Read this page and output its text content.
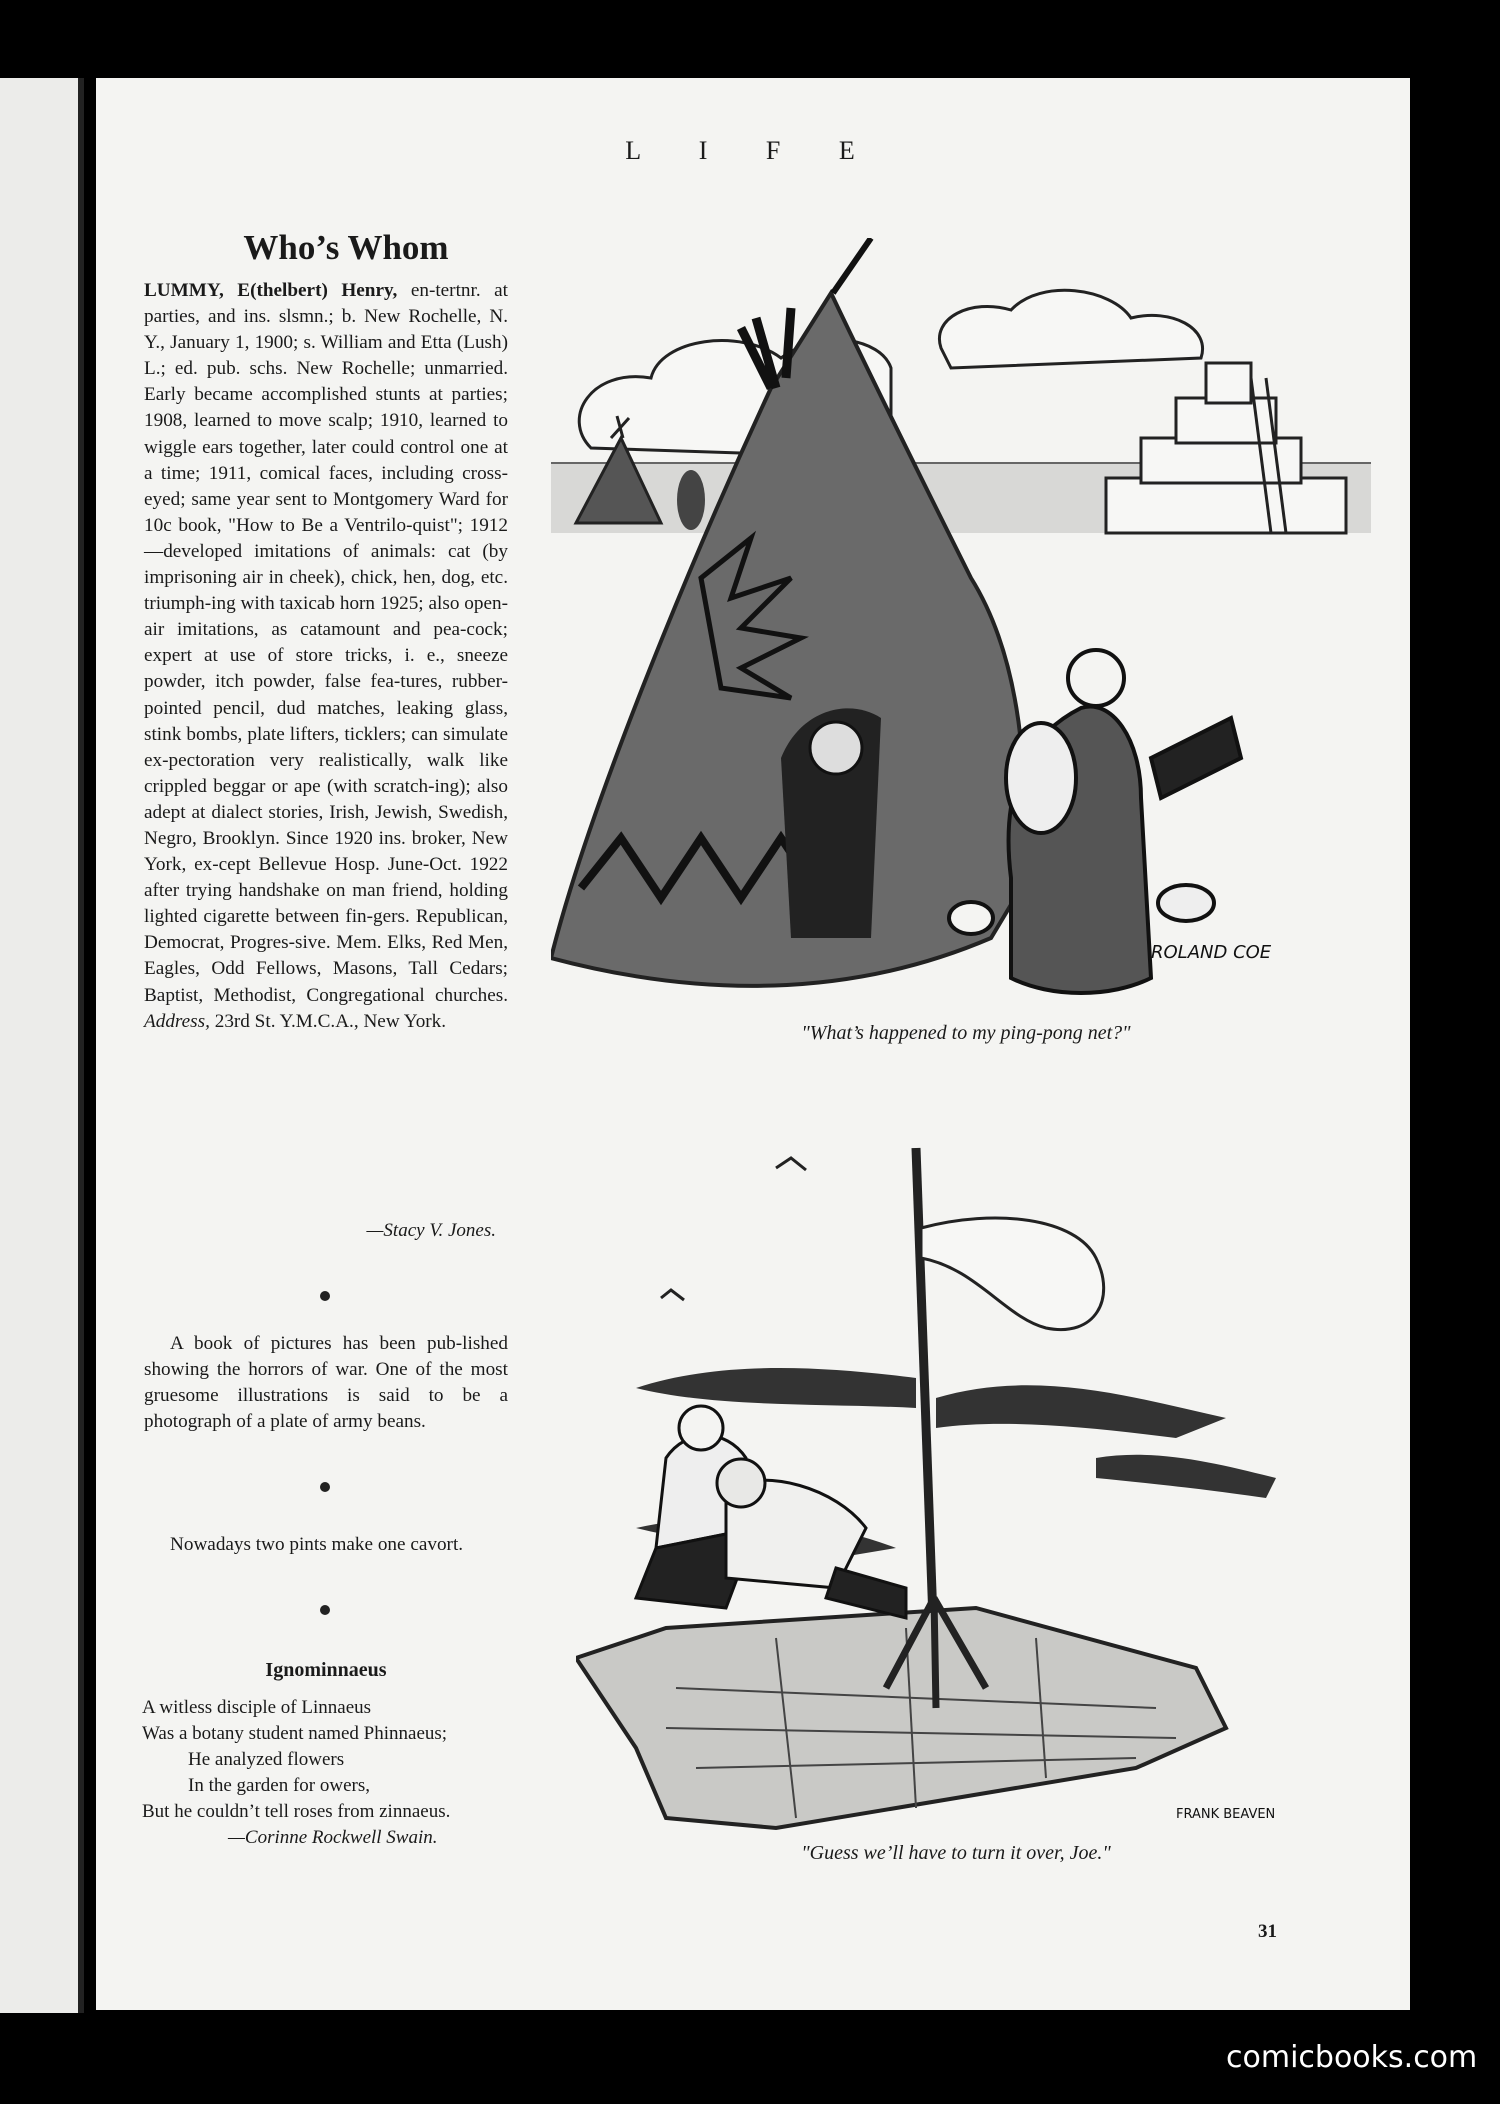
L I F E
Who’s Whom
LUMMY, E(thelbert) Henry, en-tertnr. at parties, and ins. slsmn.; b. New Rochelle, N. Y., January 1, 1900; s. William and Etta (Lush) L.; ed. pub. schs. New Rochelle; unmarried. Early became accomplished stunts at parties; 1908, learned to move scalp; 1910, learned to wiggle ears together, later could control one at a time; 1911, comical faces, including cross-eyed; same year sent to Montgomery Ward for 10c book, "How to Be a Ventrilo-quist"; 1912—developed imitations of animals: cat (by imprisoning air in cheek), chick, hen, dog, etc. triumph-ing with taxicab horn 1925; also open-air imitations, as catamount and pea-cock; expert at use of store tricks, i. e., sneeze powder, itch powder, false fea-tures, rubber-pointed pencil, dud matches, leaking glass, stink bombs, plate lifters, ticklers; can simulate ex-pectoration very realistically, walk like crippled beggar or ape (with scratch-ing); also adept at dialect stories, Irish, Jewish, Swedish, Negro, Brooklyn. Since 1920 ins. broker, New York, ex-cept Bellevue Hosp. June-Oct. 1922 after trying handshake on man friend, holding lighted cigarette between fin-gers. Republican, Democrat, Progres-sive. Mem. Elks, Red Men, Eagles, Odd Fellows, Masons, Tall Cedars; Baptist, Methodist, Congregational churches. Address, 23rd St. Y.M.C.A., New York.
—Stacy V. Jones.
A book of pictures has been pub-lished showing the horrors of war. One of the most gruesome illustrations is said to be a photograph of a plate of army beans.
Nowadays two pints make one cavort.
Ignominnaeus
A witless disciple of Linnaeus
Was a botany student named Phinnaeus;
He analyzed flowers
In the garden for owers,
But he couldn’t tell roses from zinnaeus.
—Corinne Rockwell Swain.
ROLAND COE
"What’s happened to my ping-pong net?"
FRANK BEAVEN
"Guess we’ll have to turn it over, Joe."
31
comicbooks.com
